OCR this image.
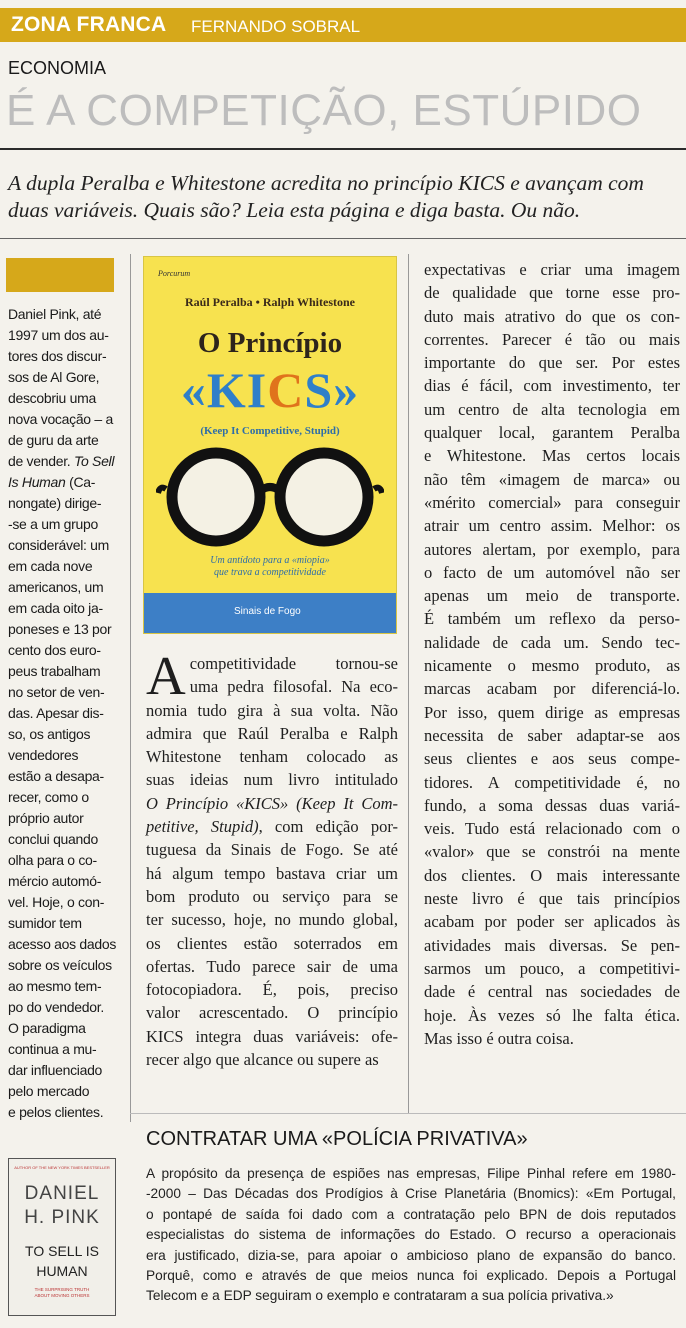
ZONA FRANCA FERNANDO SOBRAL
ECONOMIA
É A COMPETIÇÃO, ESTÚPIDO
A dupla Peralba e Whitestone acredita no princípio KICS e avançam com duas variáveis. Quais são? Leia esta página e diga basta. Ou não.
Daniel Pink, até
1997 um dos au-
tores dos discur-
sos de Al Gore,
descobriu uma
nova vocação – a
de guru da arte
de vender. To Sell
Is Human (Ca-
nongate) dirige-
-se a um grupo
considerável: um
em cada nove
americanos, um
em cada oito ja-
poneses e 13 por
cento dos euro-
peus trabalham
no setor de ven-
das. Apesar dis-
so, os antigos
vendedores
estão a desapa-
recer, como o
próprio autor
conclui quando
olha para o co-
mércio automó-
vel. Hoje, o con-
sumidor tem
acesso aos dados
sobre os veículos
ao mesmo tem-
po do vendedor.
O paradigma
continua a mu-
dar influenciado
pelo mercado
e pelos clientes.
Porcurum
Raúl Peralba • Ralph Whitestone
O Princípio
«KICS»
(Keep It Competitive, Stupid)
Um antídoto para a «miopia»
que trava a competitividade
Sinais de Fogo
A competitividade tornou-se
uma pedra filosofal. Na eco-
nomia tudo gira à sua volta. Não
admira que Raúl Peralba e Ralph
Whitestone tenham colocado as
suas ideias num livro intitulado
O Princípio «KICS» (Keep It Com-
petitive, Stupid), com edição por-
tuguesa da Sinais de Fogo. Se até
há algum tempo bastava criar um
bom produto ou serviço para se
ter sucesso, hoje, no mundo global,
os clientes estão soterrados em
ofertas. Tudo parece sair de uma
fotocopiadora. É, pois, preciso
valor acrescentado. O princípio
KICS integra duas variáveis: ofe-
recer algo que alcance ou supere as
expectativas e criar uma imagem
de qualidade que torne esse pro-
duto mais atrativo do que os con-
correntes. Parecer é tão ou mais
importante do que ser. Por estes
dias é fácil, com investimento, ter
um centro de alta tecnologia em
qualquer local, garantem Peralba
e Whitestone. Mas certos locais
não têm «imagem de marca» ou
«mérito comercial» para conseguir
atrair um centro assim. Melhor: os
autores alertam, por exemplo, para
o facto de um automóvel não ser
apenas um meio de transporte.
É também um reflexo da perso-
nalidade de cada um. Sendo tec-
nicamente o mesmo produto, as
marcas acabam por diferenciá-lo.
Por isso, quem dirige as empresas
necessita de saber adaptar-se aos
seus clientes e aos seus compe-
tidores. A competitividade é, no
fundo, a soma dessas duas variá-
veis. Tudo está relacionado com o
«valor» que se constrói na mente
dos clientes. O mais interessante
neste livro é que tais princípios
acabam por poder ser aplicados às
atividades mais diversas. Se pen-
sarmos um pouco, a competitivi-
dade é central nas sociedades de
hoje. Às vezes só lhe falta ética.
Mas isso é outra coisa.
CONTRATAR UMA «POLÍCIA PRIVATIVA»
A propósito da presença de espiões nas empresas, Filipe Pinhal refere em 1980-
-2000 – Das Décadas dos Prodígios à Crise Planetária (Bnomics): «Em Portugal,
o pontapé de saída foi dado com a contratação pelo BPN de dois reputados
especialistas do sistema de informações do Estado. O recurso a operacionais
era justificado, dizia-se, para apoiar o ambicioso plano de expansão do banco.
Porquê, como e através de que meios nunca foi explicado. Depois a Portugal
Telecom e a EDP seguiram o exemplo e contrataram a sua polícia privativa.»
AUTHOR OF THE NEW YORK TIMES BESTSELLER
DANIEL
H. PINK
TO SELL IS
HUMAN
THE SURPRISING TRUTH
ABOUT MOVING OTHERS
